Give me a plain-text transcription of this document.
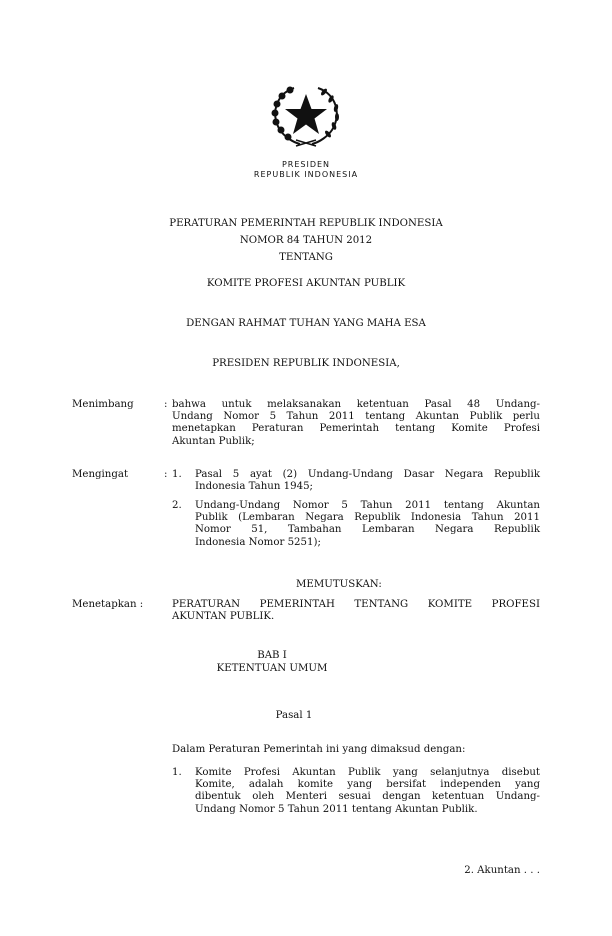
PRESIDEN
REPUBLIK INDONESIA
PERATURAN PEMERINTAH REPUBLIK INDONESIA
NOMOR 84 TAHUN 2012
TENTANG
KOMITE PROFESI AKUNTAN PUBLIK
DENGAN RAHMAT TUHAN YANG MAHA ESA
PRESIDEN REPUBLIK INDONESIA,
Menimbang	: bahwa untuk melaksanakan ketentuan Pasal 48 Undang-
Undang Nomor 5 Tahun 2011 tentang Akuntan Publik perlu
menetapkan Peraturan Pemerintah tentang Komite Profesi
Akuntan Publik;
Mengingat	: 1. Pasal 5 ayat (2) Undang-Undang Dasar Negara Republik
Indonesia Tahun 1945;
2. Undang-Undang Nomor 5 Tahun 2011 tentang Akuntan
Publik (Lembaran Negara Republik Indonesia Tahun 2011
Nomor 51, Tambahan Lembaran Negara Republik
Indonesia Nomor 5251);
MEMUTUSKAN:
Menetapkan :	PERATURAN PEMERINTAH TENTANG KOMITE PROFESI
AKUNTAN PUBLIK.
BAB I
KETENTUAN UMUM
Pasal 1
Dalam Peraturan Pemerintah ini yang dimaksud dengan:
1. Komite Profesi Akuntan Publik yang selanjutnya disebut
Komite, adalah komite yang bersifat independen yang
dibentuk oleh Menteri sesuai dengan ketentuan Undang-
Undang Nomor 5 Tahun 2011 tentang Akuntan Publik.
2. Akuntan . . .
